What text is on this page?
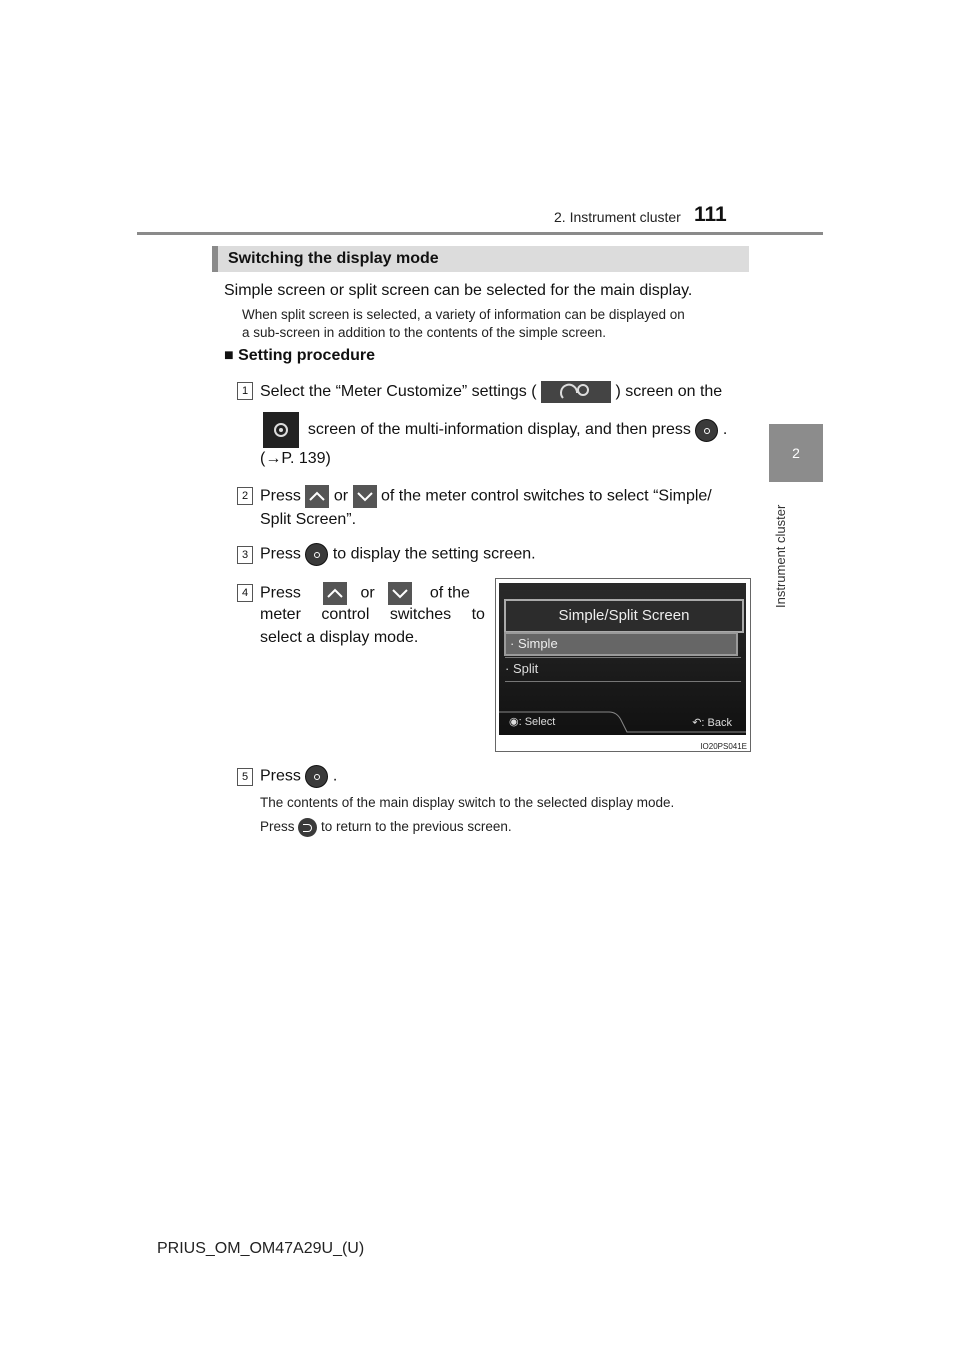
2. Instrument cluster 111
2
Instrument cluster
Switching the display mode
Simple screen or split screen can be selected for the main display.
When split screen is selected, a variety of information can be displayed on
a sub-screen in addition to the contents of the simple screen.
■ Setting procedure
1 Select the “Meter Customize” settings (	) screen on the
screen of the multi-information display, and then press .
(→P. 139)
2 Press or of the meter control switches to select “Simple/
Split Screen”.
3 Press to display the setting screen.
4 Press	or	of the
meter control switches to
select a display mode.
Simple/Split Screen
· Simple
· Split
◉: Select	↶: Back
IO20PS041E
5 Press .
The contents of the main display switch to the selected display mode.
Press to return to the previous screen.
PRIUS_OM_OM47A29U_(U)
